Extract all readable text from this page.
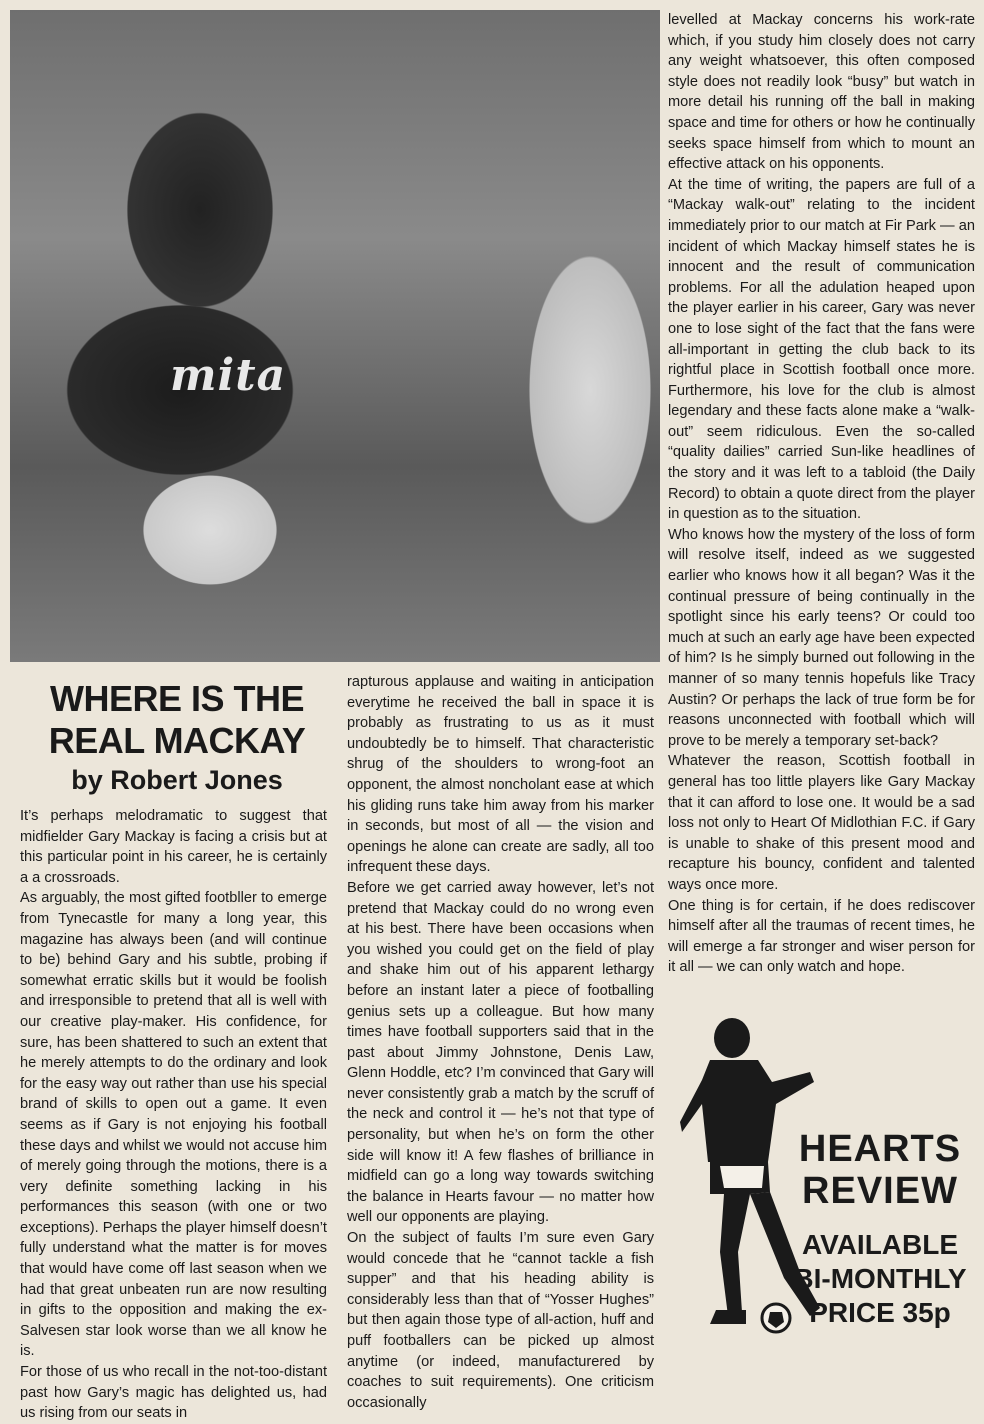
mita
WHERE IS THE
REAL MACKAY
by Robert Jones

It’s perhaps melodramatic to suggest that midfielder Gary Mackay is facing a crisis but at this particular point in his career, he is certainly a a crossroads.

As arguably, the most gifted footbller to emerge from Tynecastle for many a long year, this magazine has always been (and will continue to be) behind Gary and his subtle, probing if somewhat erratic skills but it would be foolish and irresponsible to pretend that all is well with our creative play-maker. His confidence, for sure, has been shattered to such an extent that he merely attempts to do the ordinary and look for the easy way out rather than use his special brand of skills to open out a game. It even seems as if Gary is not enjoying his football these days and whilst we would not accuse him of merely going through the motions, there is a very definite something lacking in his performances this season (with one or two exceptions). Perhaps the player himself doesn’t fully understand what the matter is for moves that would have come off last season when we had that great unbeaten run are now resulting in gifts to the opposition and making the ex-Salvesen star look worse than we all know he is.

For those of us who recall in the not-too-distant past how Gary’s magic has delighted us, had us rising from our seats in

rapturous applause and waiting in anticipation everytime he received the ball in space it is probably as frustrating to us as it must undoubtedly be to himself. That characteristic shrug of the shoulders to wrong-foot an opponent, the almost noncholant ease at which his gliding runs take him away from his marker in seconds, but most of all — the vision and openings he alone can create are sadly, all too infrequent these days.

Before we get carried away however, let’s not pretend that Mackay could do no wrong even at his best. There have been occasions when you wished you could get on the field of play and shake him out of his apparent lethargy before an instant later a piece of footballing genius sets up a colleague. But how many times have football supporters said that in the past about Jimmy Johnstone, Denis Law, Glenn Hoddle, etc? I’m convinced that Gary will never consistently grab a match by the scruff of the neck and control it — he’s not that type of personality, but when he’s on form the other side will know it! A few flashes of brilliance in midfield can go a long way towards switching the balance in Hearts favour — no matter how well our opponents are playing.

On the subject of faults I’m sure even Gary would concede that he “cannot tackle a fish supper” and that his heading ability is considerably less than that of “Yosser Hughes” but then again those type of all-action, huff and puff footballers can be picked up almost anytime (or indeed, manufacturered by coaches to suit requirements). One criticism occasionally

levelled at Mackay concerns his work-rate which, if you study him closely does not carry any weight whatsoever, this often composed style does not readily look “busy” but watch in more detail his running off the ball in making space and time for others or how he continually seeks space himself from which to mount an effective attack on his opponents.

At the time of writing, the papers are full of a “Mackay walk-out” relating to the incident immediately prior to our match at Fir Park — an incident of which Mackay himself states he is innocent and the result of communication problems. For all the adulation heaped upon the player earlier in his career, Gary was never one to lose sight of the fact that the fans were all-important in getting the club back to its rightful place in Scottish football once more. Furthermore, his love for the club is almost legendary and these facts alone make a “walk-out” seem ridiculous. Even the so-called “quality dailies” carried Sun-like headlines of the story and it was left to a tabloid (the Daily Record) to obtain a quote direct from the player in question as to the situation.

Who knows how the mystery of the loss of form will resolve itself, indeed as we suggested earlier who knows how it all began? Was it the continual pressure of being continually in the spotlight since his early teens? Or could too much at such an early age have been expected of him? Is he simply burned out following in the manner of so many tennis hopefuls like Tracy Austin? Or perhaps the lack of true form be for reasons unconnected with football which will prove to be merely a temporary set-back?

Whatever the reason, Scottish football in general has too little players like Gary Mackay that it can afford to lose one. It would be a sad loss not only to Heart Of Midlothian F.C. if Gary is unable to shake of this present mood and recapture his bouncy, confident and talented ways once more.

One thing is for certain, if he does rediscover himself after all the traumas of recent times, he will emerge a far stronger and wiser person for it all — we can only watch and hope.

HEARTS
REVIEW
AVAILABLE
BI-MONTHLY
PRICE 35p
